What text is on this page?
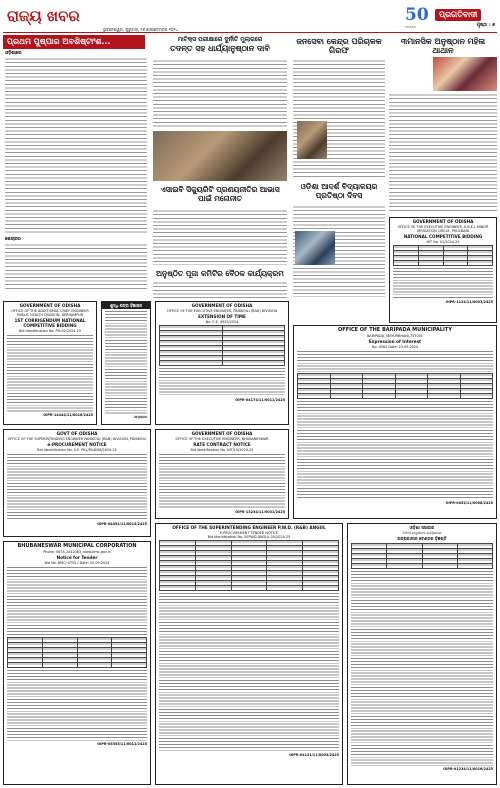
ରାଜ୍ୟ ଖବର
ଭୁବନେଶ୍ୱର, ଗୁରୁବାର, ୨୬ ସେପ୍ଟେମ୍ବର ୨୦୨୪
50
YEARS
ପ୍ରଗତିବାଦୀ
ପୃଷ୍ଠା : ୭
ପ୍ରଥମ ପୁଷ୍ପାର ଅବଶିଷ୍ଟାଂଶ...
ଓଡ଼ିଶାରେ
କେନ୍ଦ୍ରର
ମାଟିକ୍ସ ପରୀକ୍ଷାରେ ଦୁର୍ନୀତି ମୁଲାଗରେ
ତଦନ୍ତ ସହ ଧାର୍ଯ୍ୟାନୁଷ୍ଠାନ ଦାବି
ଜନସେବା କେନ୍ଦ୍ର ପରିଚାଳକ ଗିରଫ
୩ମାନସିକ ଅନୁଷ୍ଠାନ ମହିଳା ଥାଥାନ
ଏସାଇବି ସିକ୍ୟୁରିଟି ପ୍ରଣୟନୀତିର ଆଭାସ ପାଇଁ ମନୋନୀତ
ଅନୁଷ୍ଠିତ ପୂଜା କମିଟିର ବୈଠକ କାର୍ଯ୍ୟକ୍ରମ
ଓଡ଼ିଶା ଆଦର୍ଶ ବିଦ୍ୟାଳୟର ପ୍ରତିଷ୍ଠା ଦିବସ
GOVERNMENT OF ODISHA
OFFICE OF THE ADDITIONAL CHIEF ENGINEER PUBLIC HEALTH DIVISION, BERHAMPUR
1ST CORRIGENDUM NATIONAL COMPETITIVE BIDDING
Bid Identification No. PH-02/2024-25
OIPR-14444/11/0016/2425
ଶୁଦ୍ଧି ପତ୍ର ବିଜ୍ଞାପନ
ସମ୍ପାଦକ
GOVT OF ODISHA
OFFICE OF THE SUPERINTENDING ENGINEER PANIKOILI (R&B) DIVISION, PANIKOILI
e-PROCUREMENT NOTICE
Bid Identification No. S.E. PKL/R&B/08/2024-25
OIPR-04451/11/0015/2425
BHUBANESWAR MUNICIPAL CORPORATION
Phone: 0674-2432063, www.bmc.gov.in
Notice for Tender
Bid No. BMC/ 4752 / Date: 20.09.2024

OIPR-05555/11/0011/2425
GOVERNMENT OF ODISHA
OFFICE OF THE EXECUTIVE ENGINEER, PANIKOILI (R&B) DIVISION
EXTENSION OF TIME
No. E.E. 4925/2024

OIPR-04174/11/0011/2425
GOVERNMENT OF ODISHA
OFFICE OF THE EXECUTIVE ENGINEER, BHUBANESWAR
RATE CONTRACT NOTICE
Bid Identification No. NIT/10/2024-25
OIPR-13234/11/0031/2425
GOVERNMENT OF ODISHA
OFFICE OF THE EXECUTIVE ENGINEER, K.B.K.L MINOR IRRIGATION CIRCLE, PHULBANI
NATIONAL COMPETITIVE BIDDING
NIT No. 01/2024-25

OIPR-1124/11/0003/2425
OFFICE OF THE BARIPADA MUNICIPALITY
BARIPADA, MAYURBHANJ-757001
Expression of Interest
No. 4562 Date: 23.09.2024

OIPR-0452/11/0008/2425
OFFICE OF THE SUPERINTENDING ENGINEER P.W.D. (R&B) ANGUL
E-PROCUREMENT TENDER NOTICE
Bid Identification No. SEPWD-ANGUL-05/2024-25

OIPR-04121/11/0003/2425
ଓଡ଼ିଶା ସରକାର
ନିର୍ବାହୀ ଯନ୍ତ୍ରୀଙ୍କ କାର୍ଯ୍ୟାଳୟ
ଅଳ୍ପକାଳୀନ ଟେଣ୍ଡର ବିଜ୍ଞପ୍ତି

OIPR-01234/11/0016/2425
